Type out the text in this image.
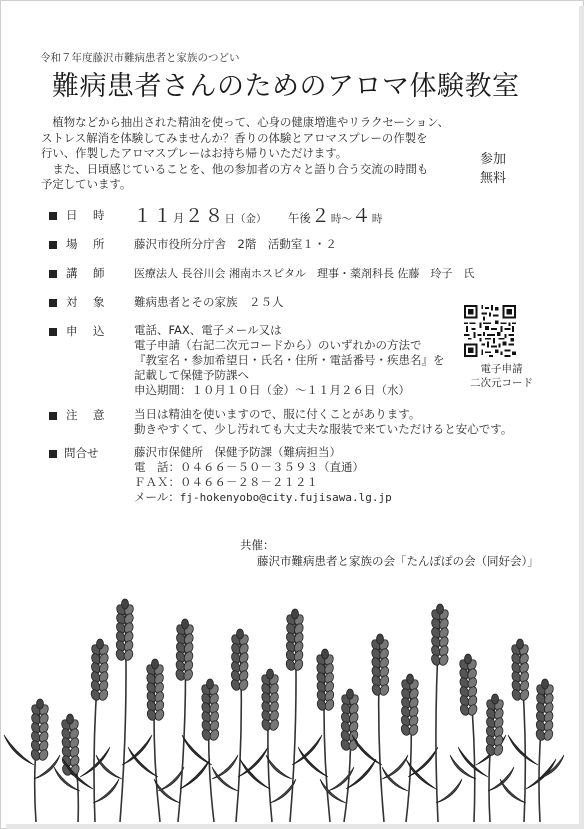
令和７年度藤沢市難病患者と家族のつどい
難病患者さんのためのアロマ体験教室

　植物などから抽出された精油を使って、心身の健康増進やリラクセーション、

ストレス解消を体験してみませんか？香りの体験とアロマスプレーの作製を

行い、作製したアロマスプレーはお持ち帰りいただけます。

　また、日頃感じていることを、他の参加者の方々と語り合う交流の時間も

予定しています。

参加
無料
日　時 １１月２８日（金） 午後２時～４時
場　所 藤沢市役所分庁舎　2階　活動室１・２
講　師	医療法人 長谷川会 湘南ホスピタル　理事・薬剤科長 佐藤　玲子　氏
対　象 難病患者とその家族　２５人
申　込 電話、FAX、電子メール又は
電子申請（右記二次元コードから）のいずれかの方法で
『教室名・参加希望日・氏名・住所・電話番号・疾患名』を
記載して保健予防課へ
申込期間：１０月１０日（金）～１１月２６日（水）
電子申請
二次元コード
注　意 当日は精油を使いますので、服に付くことがあります。
動きやすくて、少し汚れても大丈夫な服装で来ていただけると安心です。
問合せ	藤沢市保健所　保健予防課（難病担当）
電　話：０４６６－５０－３５９３（直通）
ＦＡＸ：０４６６－２８－２１２１
メール：fj-hokenyobo@city.fujisawa.lg.jp
共催：
藤沢市難病患者と家族の会「たんぽぽの会（同好会）」
